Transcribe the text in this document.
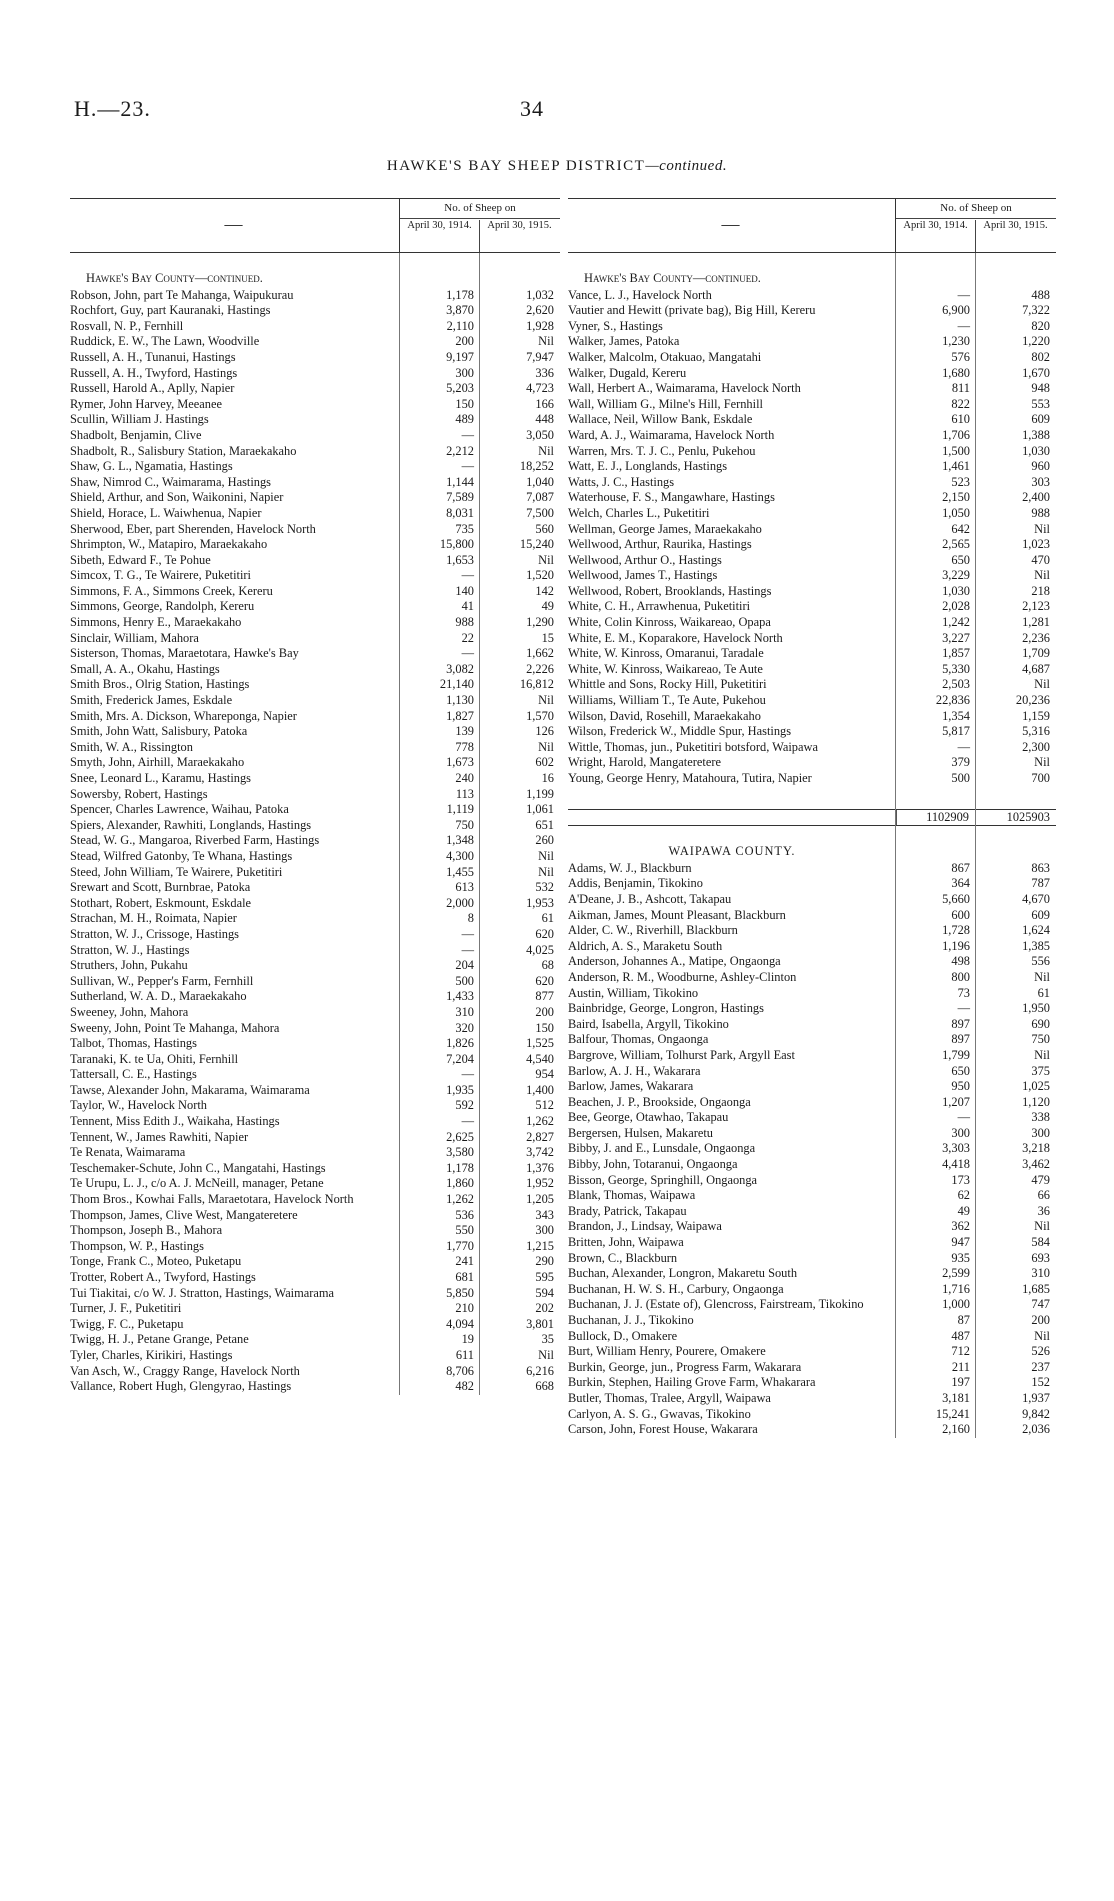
H.—23.	34
HAWKE'S BAY SHEEP DISTRICT—continued.
—
No. of Sheep on
April 30, 1914.	April 30, 1915.
Hawke's Bay County—continued.
Robson, John, part Te Mahanga, Waipukurau	1,178	1,032
Rochfort, Guy, part Kauranaki, Hastings	3,870	2,620
Rosvall, N. P., Fernhill	2,110	1,928
Ruddick, E. W., The Lawn, Woodville	200	Nil
Russell, A. H., Tunanui, Hastings	9,197	7,947
Russell, A. H., Twyford, Hastings	300	336
Russell, Harold A., Aplly, Napier	5,203	4,723
Rymer, John Harvey, Meeanee	150	166
Scullin, William J. Hastings	489	448
Shadbolt, Benjamin, Clive	—	3,050
Shadbolt, R., Salisbury Station, Maraekakaho	2,212	Nil
Shaw, G. L., Ngamatia, Hastings	—	18,252
Shaw, Nimrod C., Waimarama, Hastings	1,144	1,040
Shield, Arthur, and Son, Waikonini, Napier	7,589	7,087
Shield, Horace, L. Waiwhenua, Napier	8,031	7,500
Sherwood, Eber, part Sherenden, Havelock North	735	560
Shrimpton, W., Matapiro, Maraekakaho	15,800	15,240
Sibeth, Edward F., Te Pohue	1,653	Nil
Simcox, T. G., Te Wairere, Puketitiri	—	1,520
Simmons, F. A., Simmons Creek, Kereru	140	142
Simmons, George, Randolph, Kereru	41	49
Simmons, Henry E., Maraekakaho	988	1,290
Sinclair, William, Mahora	22	15
Sisterson, Thomas, Maraetotara, Hawke's Bay	—	1,662
Small, A. A., Okahu, Hastings	3,082	2,226
Smith Bros., Olrig Station, Hastings	21,140	16,812
Smith, Frederick James, Eskdale	1,130	Nil
Smith, Mrs. A. Dickson, Wharepongа, Napier	1,827	1,570
Smith, John Watt, Salisbury, Patoka	139	126
Smith, W. A., Rissington	778	Nil
Smyth, John, Airhill, Maraekakaho	1,673	602
Snee, Leonard L., Karamu, Hastings	240	16
Sowersby, Robert, Hastings	113	1,199
Spencer, Charles Lawrence, Waihau, Patoka	1,119	1,061
Spiers, Alexander, Rawhiti, Longlands, Hastings	750	651
Stead, W. G., Mangaroa, Riverbed Farm, Hastings	1,348	260
Stead, Wilfred Gatonby, Te Whana, Hastings	4,300	Nil
Steed, John William, Te Wairere, Puketitiri	1,455	Nil
Srewart and Scott, Burnbrae, Patoka	613	532
Stothart, Robert, Eskmount, Eskdale	2,000	1,953
Strachan, M. H., Roimata, Napier	8	61
Stratton, W. J., Crissoge, Hastings	—	620
Stratton, W. J., Hastings	—	4,025
Struthers, John, Pukahu	204	68
Sullivan, W., Pepper's Farm, Fernhill	500	620
Sutherland, W. A. D., Maraekakaho	1,433	877
Sweeney, John, Mahora	310	200
Sweeny, John, Point Te Mahanga, Mahora	320	150
Talbot, Thomas, Hastings	1,826	1,525
Taranaki, K. te Ua, Ohiti, Fernhill	7,204	4,540
Tattersall, C. E., Hastings	—	954
Tawse, Alexander John, Makarama, Waimarama	1,935	1,400
Taylor, W., Havelock North	592	512
Tennent, Miss Edith J., Waikaha, Hastings	—	1,262
Tennent, W., James Rawhiti, Napier	2,625	2,827
Te Renata, Waimarama	3,580	3,742
Teschemaker-Schute, John C., Mangatahi, Hastings	1,178	1,376
Te Urupu, L. J., c/o A. J. McNeill, manager, Petane	1,860	1,952
Thom Bros., Kowhai Falls, Maraetotara, Havelock North	1,262	1,205
Thompson, James, Clive West, Mangateretere	536	343
Thompson, Joseph B., Mahora	550	300
Thompson, W. P., Hastings	1,770	1,215
Tonge, Frank C., Moteo, Puketapu	241	290
Trotter, Robert A., Twyford, Hastings	681	595
Tui Tiakitai, c/o W. J. Stratton, Hastings, Waimarama	5,850	594
Turner, J. F., Puketitiri	210	202
Twigg, F. C., Puketapu	4,094	3,801
Twigg, H. J., Petane Grange, Petane	19	35
Tyler, Charles, Kirikiri, Hastings	611	Nil
Van Asch, W., Craggy Range, Havelock North	8,706	6,216
Vallance, Robert Hugh, Glengyrao, Hastings	482	668
—
No. of Sheep on
April 30, 1914.	April 30, 1915.
Hawke's Bay County—continued.
Vance, L. J., Havelock North	—	488
Vautier and Hewitt (private bag), Big Hill, Kereru	6,900	7,322
Vyner, S., Hastings	—	820
Walker, James, Patoka	1,230	1,220
Walker, Malcolm, Otakuao, Mangatahi	576	802
Walker, Dugald, Kereru	1,680	1,670
Wall, Herbert A., Waimarama, Havelock North	811	948
Wall, William G., Milne's Hill, Fernhill	822	553
Wallace, Neil, Willow Bank, Eskdale	610	609
Ward, A. J., Waimarama, Havelock North	1,706	1,388
Warren, Mrs. T. J. C., Penlu, Pukehou	1,500	1,030
Watt, E. J., Longlands, Hastings	1,461	960
Watts, J. C., Hastings	523	303
Waterhouse, F. S., Mangawhare, Hastings	2,150	2,400
Welch, Charles L., Puketitiri	1,050	988
Wellman, George James, Maraekakaho	642	Nil
Wellwood, Arthur, Raurika, Hastings	2,565	1,023
Wellwood, Arthur O., Hastings	650	470
Wellwood, James T., Hastings	3,229	Nil
Wellwood, Robert, Brooklands, Hastings	1,030	218
White, C. H., Arrawhenua, Puketitiri	2,028	2,123
White, Colin Kinross, Waikareao, Opapa	1,242	1,281
White, E. M., Koparakore, Havelock North	3,227	2,236
White, W. Kinross, Omaranui, Taradale	1,857	1,709
White, W. Kinross, Waikareao, Te Aute	5,330	4,687
Whittle and Sons, Rocky Hill, Puketitiri	2,503	Nil
Williams, William T., Te Aute, Pukehou	22,836	20,236
Wilson, David, Rosehill, Maraekakaho	1,354	1,159
Wilson, Frederick W., Middle Spur, Hastings	5,817	5,316
Wittle, Thomas, jun., Puketitiri botsford, Waipawa	—	2,300
Wright, Harold, Mangateretere	379	Nil
Young, George Henry, Matahoura, Tutira, Napier	500	700
1102909	1025903
WAIPAWA COUNTY.
Adams, W. J., Blackburn	867	863
Addis, Benjamin, Tikokino	364	787
A'Deane, J. B., Ashcott, Takapau	5,660	4,670
Aikman, James, Mount Pleasant, Blackburn	600	609
Alder, C. W., Riverhill, Blackburn	1,728	1,624
Aldrich, A. S., Maraketu South	1,196	1,385
Anderson, Johannes A., Matipe, Ongaonga	498	556
Anderson, R. M., Woodburne, Ashley-Clinton	800	Nil
Austin, William, Tikokino	73	61
Bainbridge, George, Longron, Hastings	—	1,950
Baird, Isabella, Argyll, Tikokino	897	690
Balfour, Thomas, Ongaonga	897	750
Bargrove, William, Tolhurst Park, Argyll East	1,799	Nil
Barlow, A. J. H., Wakarara	650	375
Barlow, James, Wakarara	950	1,025
Beachen, J. P., Brookside, Ongaonga	1,207	1,120
Bee, George, Otawhao, Takapau	—	338
Bergersen, Hulsen, Makaretu	300	300
Bibby, J. and E., Lunsdale, Ongaonga	3,303	3,218
Bibby, John, Totaranui, Ongaonga	4,418	3,462
Bisson, George, Springhill, Ongaonga	173	479
Blank, Thomas, Waipawa	62	66
Brady, Patrick, Takapau	49	36
Brandon, J., Lindsay, Waipawa	362	Nil
Britten, John, Waipawa	947	584
Brown, C., Blackburn	935	693
Buchan, Alexander, Longron, Makaretu South	2,599	310
Buchanan, H. W. S. H., Carbury, Ongaonga	1,716	1,685
Buchanan, J. J. (Estate of), Glencross, Fairstream, Tikokino	1,000	747
Buchanan, J. J., Tikokino	87	200
Bullock, D., Omakere	487	Nil
Burt, William Henry, Pourere, Omakere	712	526
Burkin, George, jun., Progress Farm, Wakarara	211	237
Burkin, Stephen, Hailing Grove Farm, Whakarara	197	152
Butler, Thomas, Tralee, Argyll, Waipawa	3,181	1,937
Carlyon, A. S. G., Gwavas, Tikokino	15,241	9,842
Carson, John, Forest House, Wakarara	2,160	2,036
